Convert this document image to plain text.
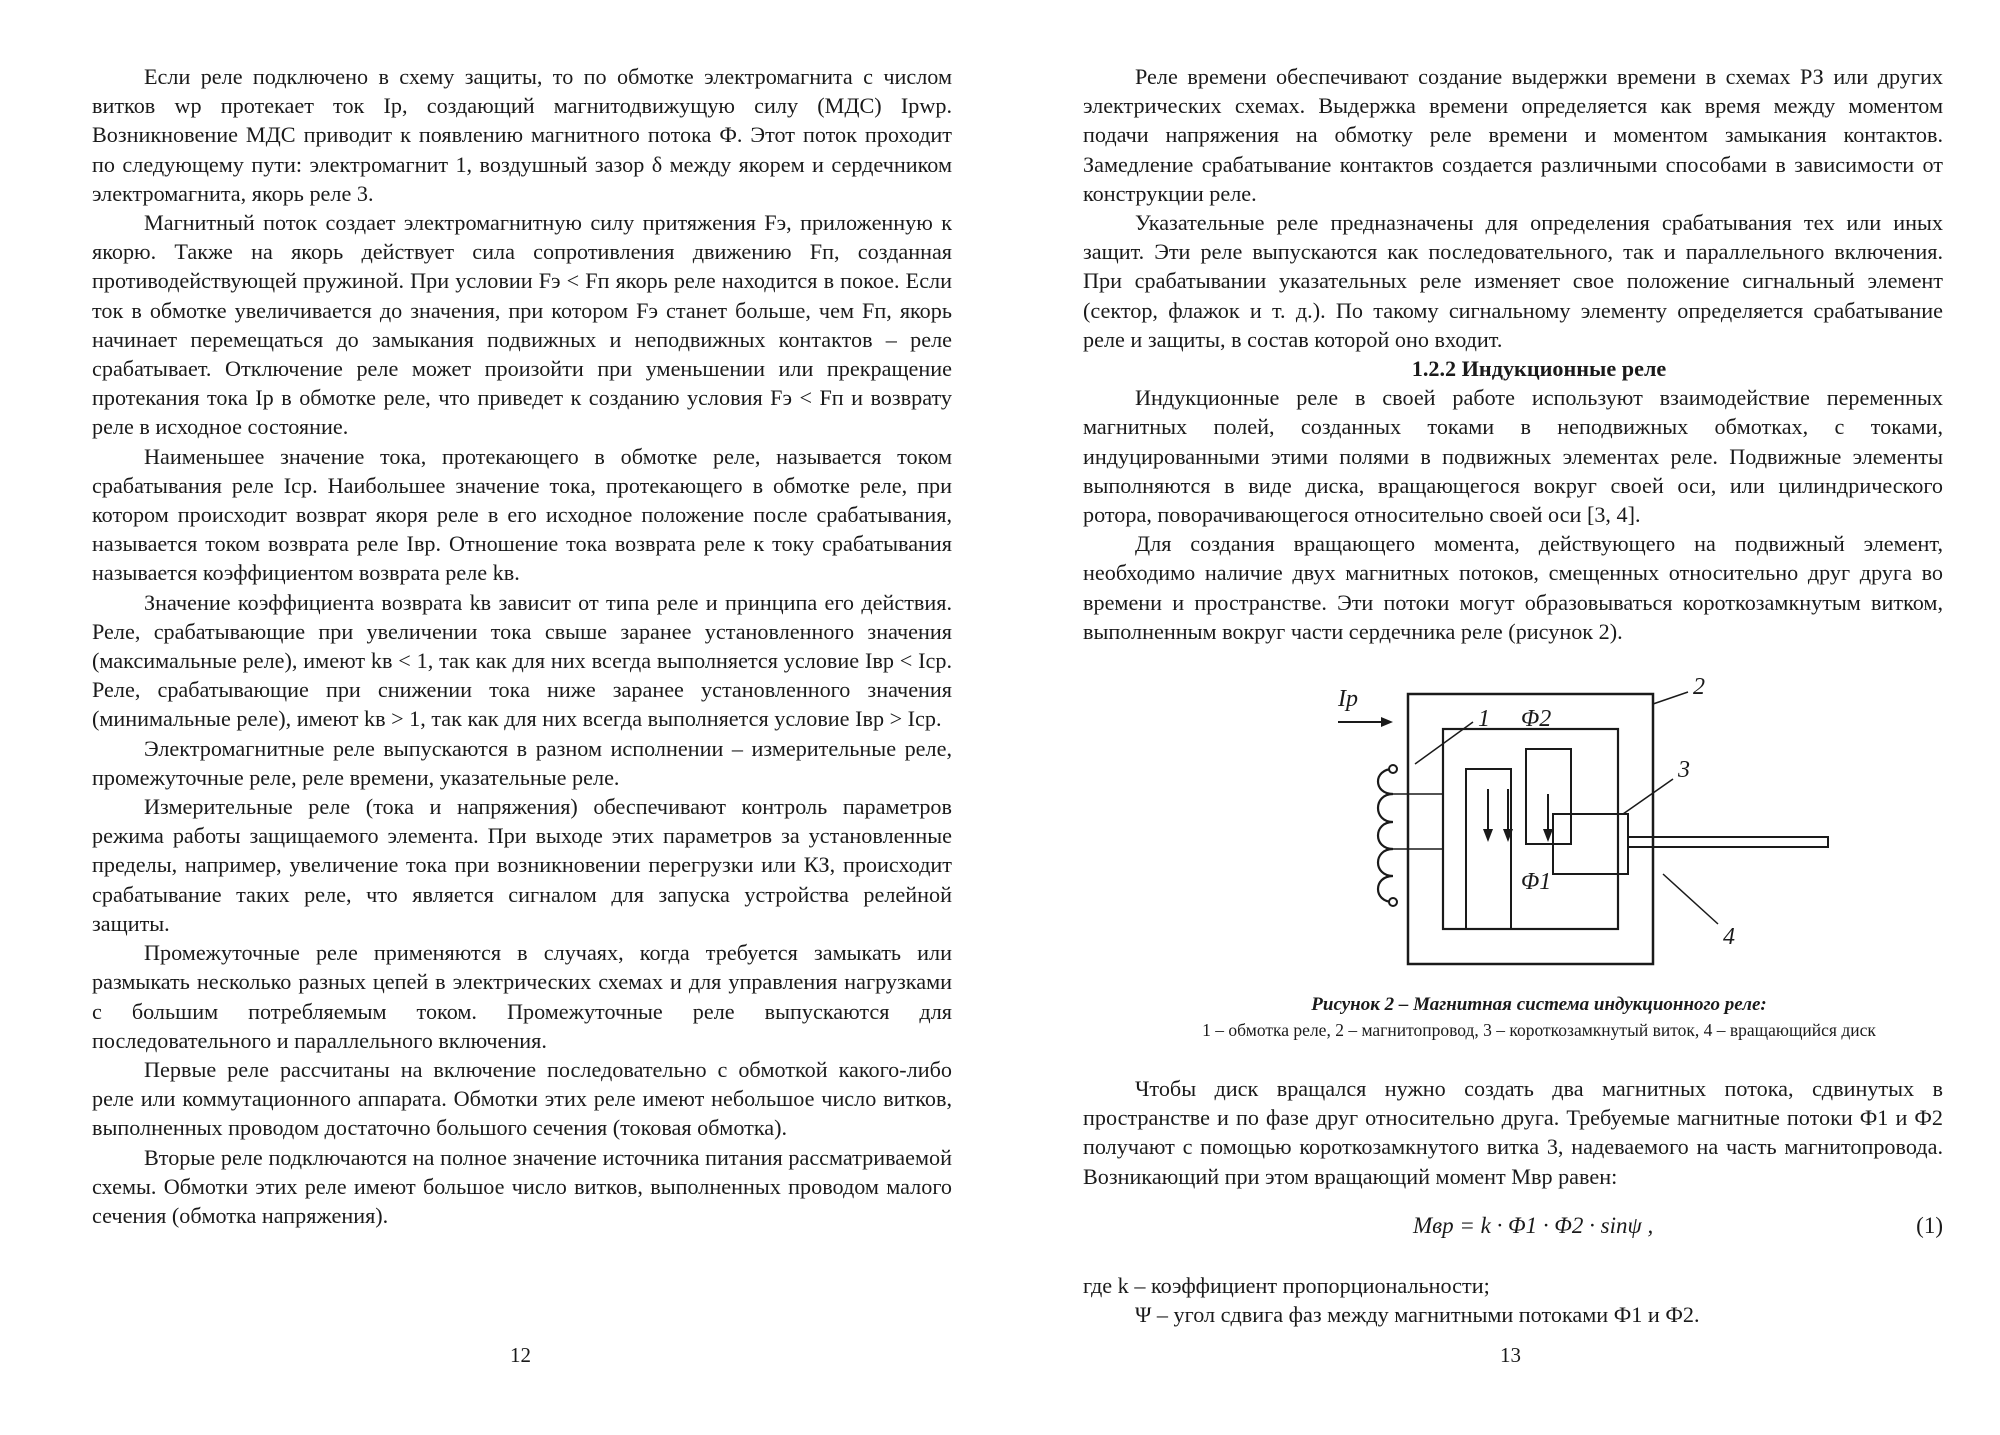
Если реле подключено в схему защиты, то по обмотке электромагнита с числом витков wр протекает ток Iр, создающий магнитодвижущую силу (МДС) Iрwр. Возникновение МДС приводит к появлению магнитного потока Ф. Этот поток проходит по следующему пути: электромагнит 1, воздушный зазор δ между якорем и сердечником электромагнита, якорь реле 3.

Магнитный поток создает электромагнитную силу притяжения Fэ, приложенную к якорю. Также на якорь действует сила сопротивления движению Fп, созданная противодействующей пружиной. При условии Fэ < Fп якорь реле находится в покое. Если ток в обмотке увеличивается до значения, при котором Fэ станет больше, чем Fп, якорь начинает перемещаться до замыкания подвижных и неподвижных контактов – реле срабатывает. Отключение реле может произойти при уменьшении или прекращение протекания тока Iр в обмотке реле, что приведет к созданию условия Fэ < Fп и возврату реле в исходное состояние.

Наименьшее значение тока, протекающего в обмотке реле, называется током срабатывания реле Iср. Наибольшее значение тока, протекающего в обмотке реле, при котором происходит возврат якоря реле в его исходное положение после срабатывания, называется током возврата реле Iвр. Отношение тока возврата реле к току срабатывания называется коэффициентом возврата реле kв.

Значение коэффициента возврата kв зависит от типа реле и принципа его действия. Реле, срабатывающие при увеличении тока свыше заранее установленного значения (максимальные реле), имеют kв < 1, так как для них всегда выполняется условие Iвр < Iср. Реле, срабатывающие при снижении тока ниже заранее установленного значения (минимальные реле), имеют kв > 1, так как для них всегда выполняется условие Iвр > Iср.

Электромагнитные реле выпускаются в разном исполнении – измерительные реле, промежуточные реле, реле времени, указательные реле.

Измерительные реле (тока и напряжения) обеспечивают контроль параметров режима работы защищаемого элемента. При выходе этих параметров за установленные пределы, например, увеличение тока при возникновении перегрузки или КЗ, происходит срабатывание таких реле, что является сигналом для запуска устройства релейной защиты.

Промежуточные реле применяются в случаях, когда требуется замыкать или размыкать несколько разных цепей в электрических схемах и для управления нагрузками с большим потребляемым током. Промежуточные реле выпускаются для последовательного и параллельного включения.

Первые реле рассчитаны на включение последовательно с обмоткой какого-либо реле или коммутационного аппарата. Обмотки этих реле имеют небольшое число витков, выполненных проводом достаточно большого сечения (токовая обмотка).

Вторые реле подключаются на полное значение источника питания рассматриваемой схемы. Обмотки этих реле имеют большое число витков, выполненных проводом малого сечения (обмотка напряжения).

12

Реле времени обеспечивают создание выдержки времени в схемах РЗ или других электрических схемах. Выдержка времени определяется как время между моментом подачи напряжения на обмотку реле времени и моментом замыкания контактов. Замедление срабатывание контактов создается различными способами в зависимости от конструкции реле.

Указательные реле предназначены для определения срабатывания тех или иных защит. Эти реле выпускаются как последовательного, так и параллельного включения. При срабатывании указательных реле изменяет свое положение сигнальный элемент (сектор, флажок и т. д.). По такому сигнальному элементу определяется срабатывание реле и защиты, в состав которой оно входит.

1.2.2 Индукционные реле

Индукционные реле в своей работе используют взаимодействие переменных магнитных полей, созданных токами в неподвижных обмотках, с токами, индуцированными этими полями в подвижных элементах реле. Подвижные элементы выполняются в виде диска, вращающегося вокруг своей оси, или цилиндрического ротора, поворачивающегося относительно своей оси [3, 4].

Для создания вращающего момента, действующего на подвижный элемент, необходимо наличие двух магнитных потоков, смещенных относительно друг друга во времени и пространстве. Эти потоки могут образовываться короткозамкнутым витком, выполненным вокруг части сердечника реле (рисунок 2).

Iр
1
2
3
4
Φ2
Φ1

Рисунок 2 – Магнитная система индукционного реле:

1 – обмотка реле, 2 – магнитопровод, 3 – короткозамкнутый виток, 4 – вращающийся диск

Чтобы диск вращался нужно создать два магнитных потока, сдвинутых в пространстве и по фазе друг относительно друга. Требуемые магнитные потоки Ф1 и Ф2 получают с помощью короткозамкнутого витка 3, надеваемого на часть магнитопровода. Возникающий при этом вращающий момент Mвр равен:

Mвр = k · Φ1 · Φ2 · sinψ ,	(1)

где k – коэффициент пропорциональности;

Ψ – угол сдвига фаз между магнитными потоками Ф1 и Ф2.

13
